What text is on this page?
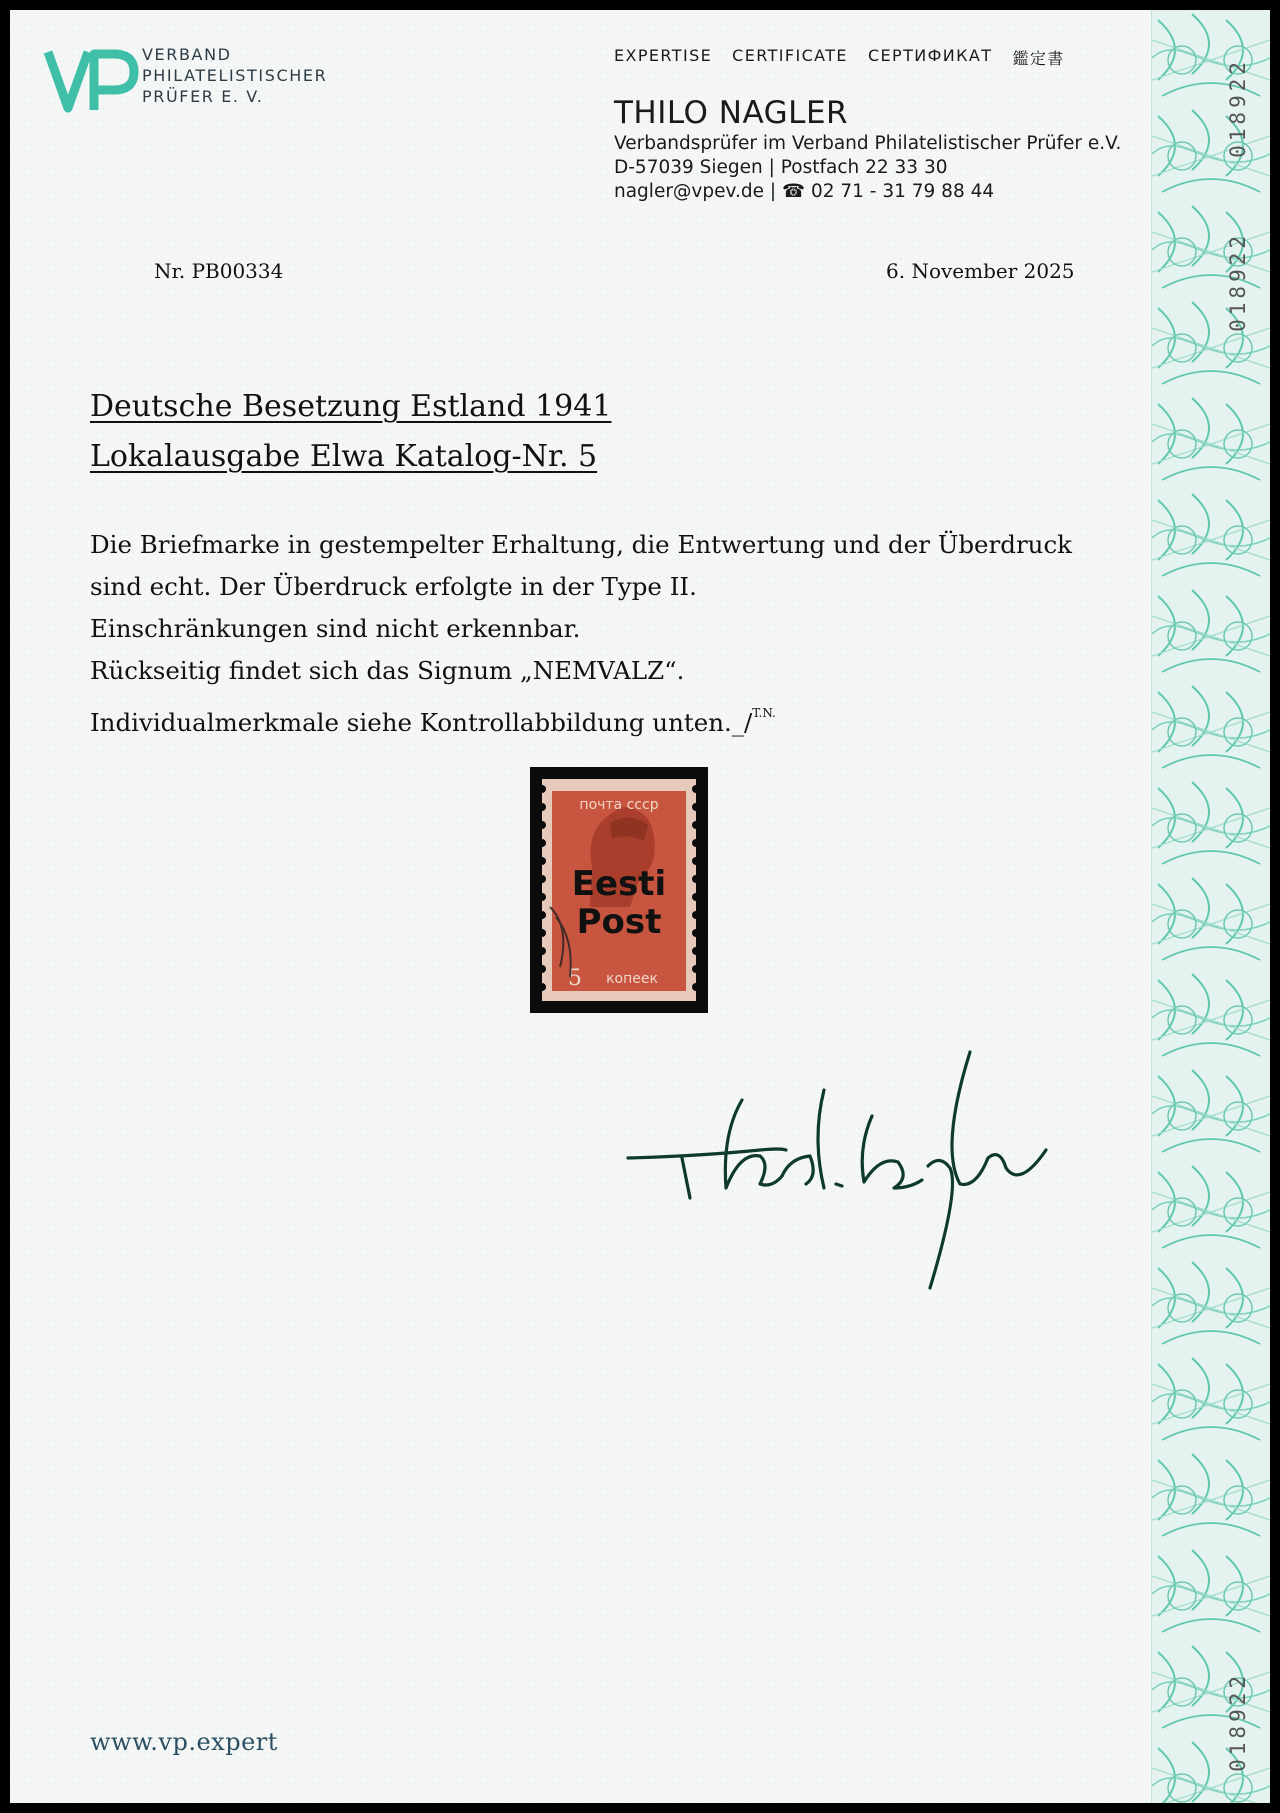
018922
018922
018922
VP	VERBAND
PHILATELISTISCHER
PRÜFER E. V.
EXPERTISE CERTIFICATE СЕРТИФИКАТ 鑑定書
THILO NAGLER
Verbandsprüfer im Verband Philatelistischer Prüfer e.V.
D-57039 Siegen | Postfach 22 33 30
nagler@vpev.de | ☎ 02 71 - 31 79 88 44
Nr. PB00334	6. November 2025
Deutsche Besetzung Estland 1941
Lokalausgabe Elwa Katalog-Nr. 5

Die Briefmarke in gestempelter Erhaltung, die Entwertung und der Überdruck

sind echt. Der Überdruck erfolgte in der Type II.

Einschränkungen sind nicht erkennbar.

Rückseitig findet sich das Signum „NEMVALZ“.

Individualmerkmale siehe Kontrollabbildung unten._/$^{T.N.}$

почта ссср
Eesti
Post
5 копеек
www.vp.expert
